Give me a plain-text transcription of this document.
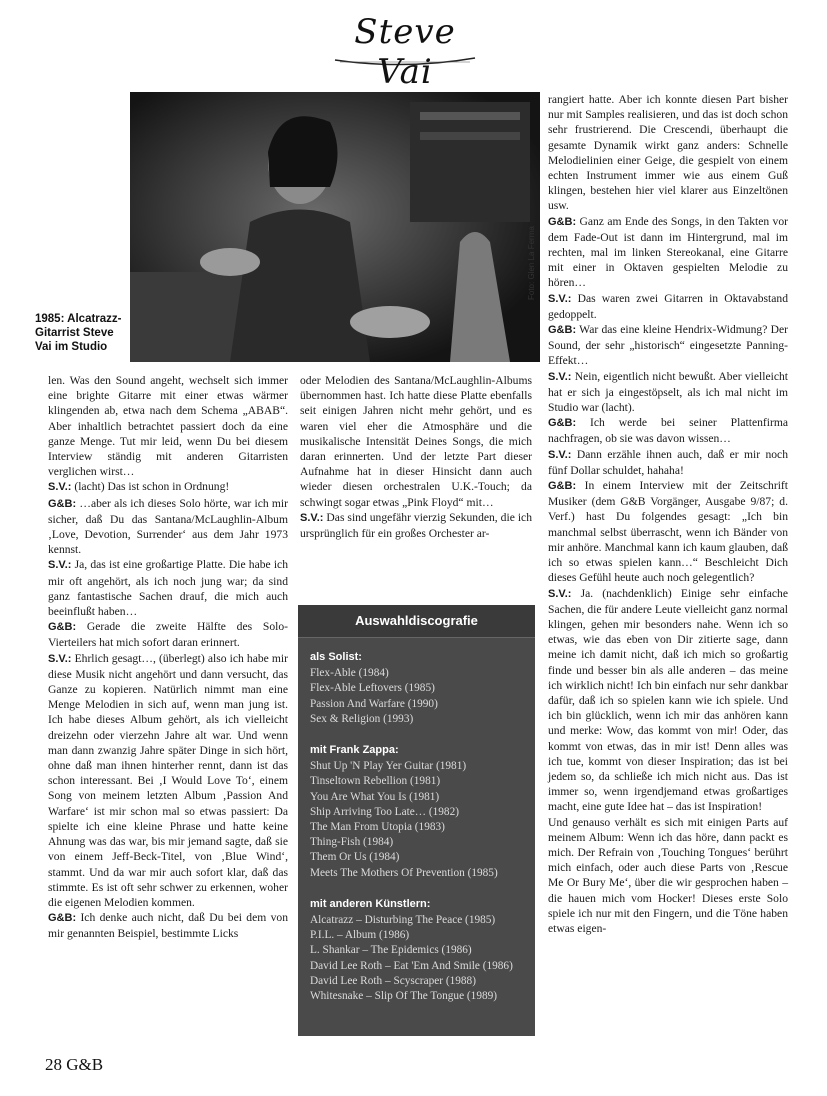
Steve Vai
Foto: Glen La Ferma
1985: Alcatrazz-Gitarrist Steve Vai im Studio

len. Was den Sound angeht, wechselt sich immer eine brighte Gitarre mit einer etwas wärmer klingenden ab, etwa nach dem Schema „ABAB“. Aber inhaltlich betrachtet passiert doch da eine ganze Menge. Tut mir leid, wenn Du bei diesem Interview ständig mit anderen Gitarristen verglichen wirst…

S.V.: (lacht) Das ist schon in Ordnung!

G&B: …aber als ich dieses Solo hörte, war ich mir sicher, daß Du das Santana/McLaughlin-Album ‚Love, Devotion, Surrender‘ aus dem Jahr 1973 kennst.

S.V.: Ja, das ist eine großartige Platte. Die habe ich mir oft angehört, als ich noch jung war; da sind ganz fantastische Sachen drauf, die mich auch beeinflußt haben…

G&B: Gerade die zweite Hälfte des Solo-Vierteilers hat mich sofort daran erinnert.

S.V.: Ehrlich gesagt…, (überlegt) also ich habe mir diese Musik nicht angehört und dann versucht, das Ganze zu kopieren. Natürlich nimmt man eine Menge Melodien in sich auf, wenn man jung ist. Ich habe dieses Album gehört, als ich vielleicht dreizehn oder vierzehn Jahre alt war. Und wenn man dann zwanzig Jahre später Dinge in sich hört, ohne daß man ihnen hinterher rennt, dann ist das schon interessant. Bei ‚I Would Love To‘, einem Song von meinem letzten Album ‚Passion And Warfare‘ ist mir schon mal so etwas passiert: Da spielte ich eine kleine Phrase und hatte keine Ahnung was das war, bis mir jemand sagte, daß sie von einem Jeff-Beck-Titel, von ‚Blue Wind‘, stammt. Und da war mir auch sofort klar, daß das stimmte. Es ist oft sehr schwer zu erkennen, woher die eigenen Melodien kommen.

G&B: Ich denke auch nicht, daß Du bei dem von mir genannten Beispiel, bestimmte Licks

oder Melodien des Santana/McLaughlin-Albums übernommen hast. Ich hatte diese Platte ebenfalls seit einigen Jahren nicht mehr gehört, und es waren viel eher die Atmosphäre und die musikalische Intensität Deines Songs, die mich daran erinnerten. Und der letzte Part dieser Aufnahme hat in dieser Hinsicht dann auch wieder diesen orchestralen U.K.-Touch; da schwingt sogar etwas „Pink Floyd“ mit…

S.V.: Das sind ungefähr vierzig Sekunden, die ich ursprünglich für ein großes Orchester ar-

Auswahldiscografie
als Solist:
Flex-Able (1984)
Flex-Able Leftovers (1985)
Passion And Warfare (1990)
Sex & Religion (1993)
mit Frank Zappa:
Shut Up 'N Play Yer Guitar (1981)
Tinseltown Rebellion (1981)
You Are What You Is (1981)
Ship Arriving Too Late… (1982)
The Man From Utopia (1983)
Thing-Fish (1984)
Them Or Us (1984)
Meets The Mothers Of Prevention (1985)
mit anderen Künstlern:
Alcatrazz – Disturbing The Peace (1985)
P.I.L. – Album (1986)
L. Shankar – The Epidemics (1986)
David Lee Roth – Eat 'Em And Smile (1986)
David Lee Roth – Scyscraper (1988)
Whitesnake – Slip Of The Tongue (1989)

rangiert hatte. Aber ich konnte diesen Part bisher nur mit Samples realisieren, und das ist doch schon sehr frustrierend. Die Crescendi, überhaupt die gesamte Dynamik wirkt ganz anders: Schnelle Melodielinien einer Geige, die gespielt von einem echten Instrument immer wie aus einem Guß klingen, bestehen hier viel klarer aus Einzeltönen usw.

G&B: Ganz am Ende des Songs, in den Takten vor dem Fade-Out ist dann im Hintergrund, mal im rechten, mal im linken Stereokanal, eine Gitarre mit einer in Oktaven gespielten Melodie zu hören…

S.V.: Das waren zwei Gitarren in Oktavabstand gedoppelt.

G&B: War das eine kleine Hendrix-Widmung? Der Sound, der sehr „historisch“ eingesetzte Panning-Effekt…

S.V.: Nein, eigentlich nicht bewußt. Aber vielleicht hat er sich ja eingestöpselt, als ich mal nicht im Studio war (lacht).

G&B: Ich werde bei seiner Plattenfirma nachfragen, ob sie was davon wissen…

S.V.: Dann erzähle ihnen auch, daß er mir noch fünf Dollar schuldet, hahaha!

G&B: In einem Interview mit der Zeitschrift Musiker (dem G&B Vorgänger, Ausgabe 9/87; d. Verf.) hast Du folgendes gesagt: „Ich bin manchmal selbst überrascht, wenn ich Bänder von mir anhöre. Manchmal kann ich kaum glauben, daß ich so etwas spielen kann…“ Beschleicht Dich dieses Gefühl heute auch noch gelegentlich?

S.V.: Ja. (nachdenklich) Einige sehr einfache Sachen, die für andere Leute vielleicht ganz normal klingen, gehen mir besonders nahe. Wenn ich so etwas, wie das eben von Dir zitierte sage, dann meine ich damit nicht, daß ich mich so großartig finde und besser bin als alle anderen – das meine ich wirklich nicht! Ich bin einfach nur sehr dankbar dafür, daß ich so spielen kann wie ich spiele. Und ich bin glücklich, wenn ich mir das anhören kann und merke: Wow, das kommt von mir! Oder, das kommt von etwas, das in mir ist! Denn alles was ich tue, kommt von dieser Inspiration; das ist bei jedem so, da schließe ich mich nicht aus. Das ist immer so, wenn irgendjemand etwas großartiges macht, eine gute Idee hat – das ist Inspiration!

Und genauso verhält es sich mit einigen Parts auf meinem Album: Wenn ich das höre, dann packt es mich. Der Refrain von ‚Touching Tongues‘ berührt mich einfach, oder auch diese Parts von ‚Rescue Me Or Bury Me‘, über die wir gesprochen haben – die hauen mich vom Hocker! Dieses erste Solo spiele ich nur mit den Fingern, und die Töne haben etwas eigen-

28 G&B
